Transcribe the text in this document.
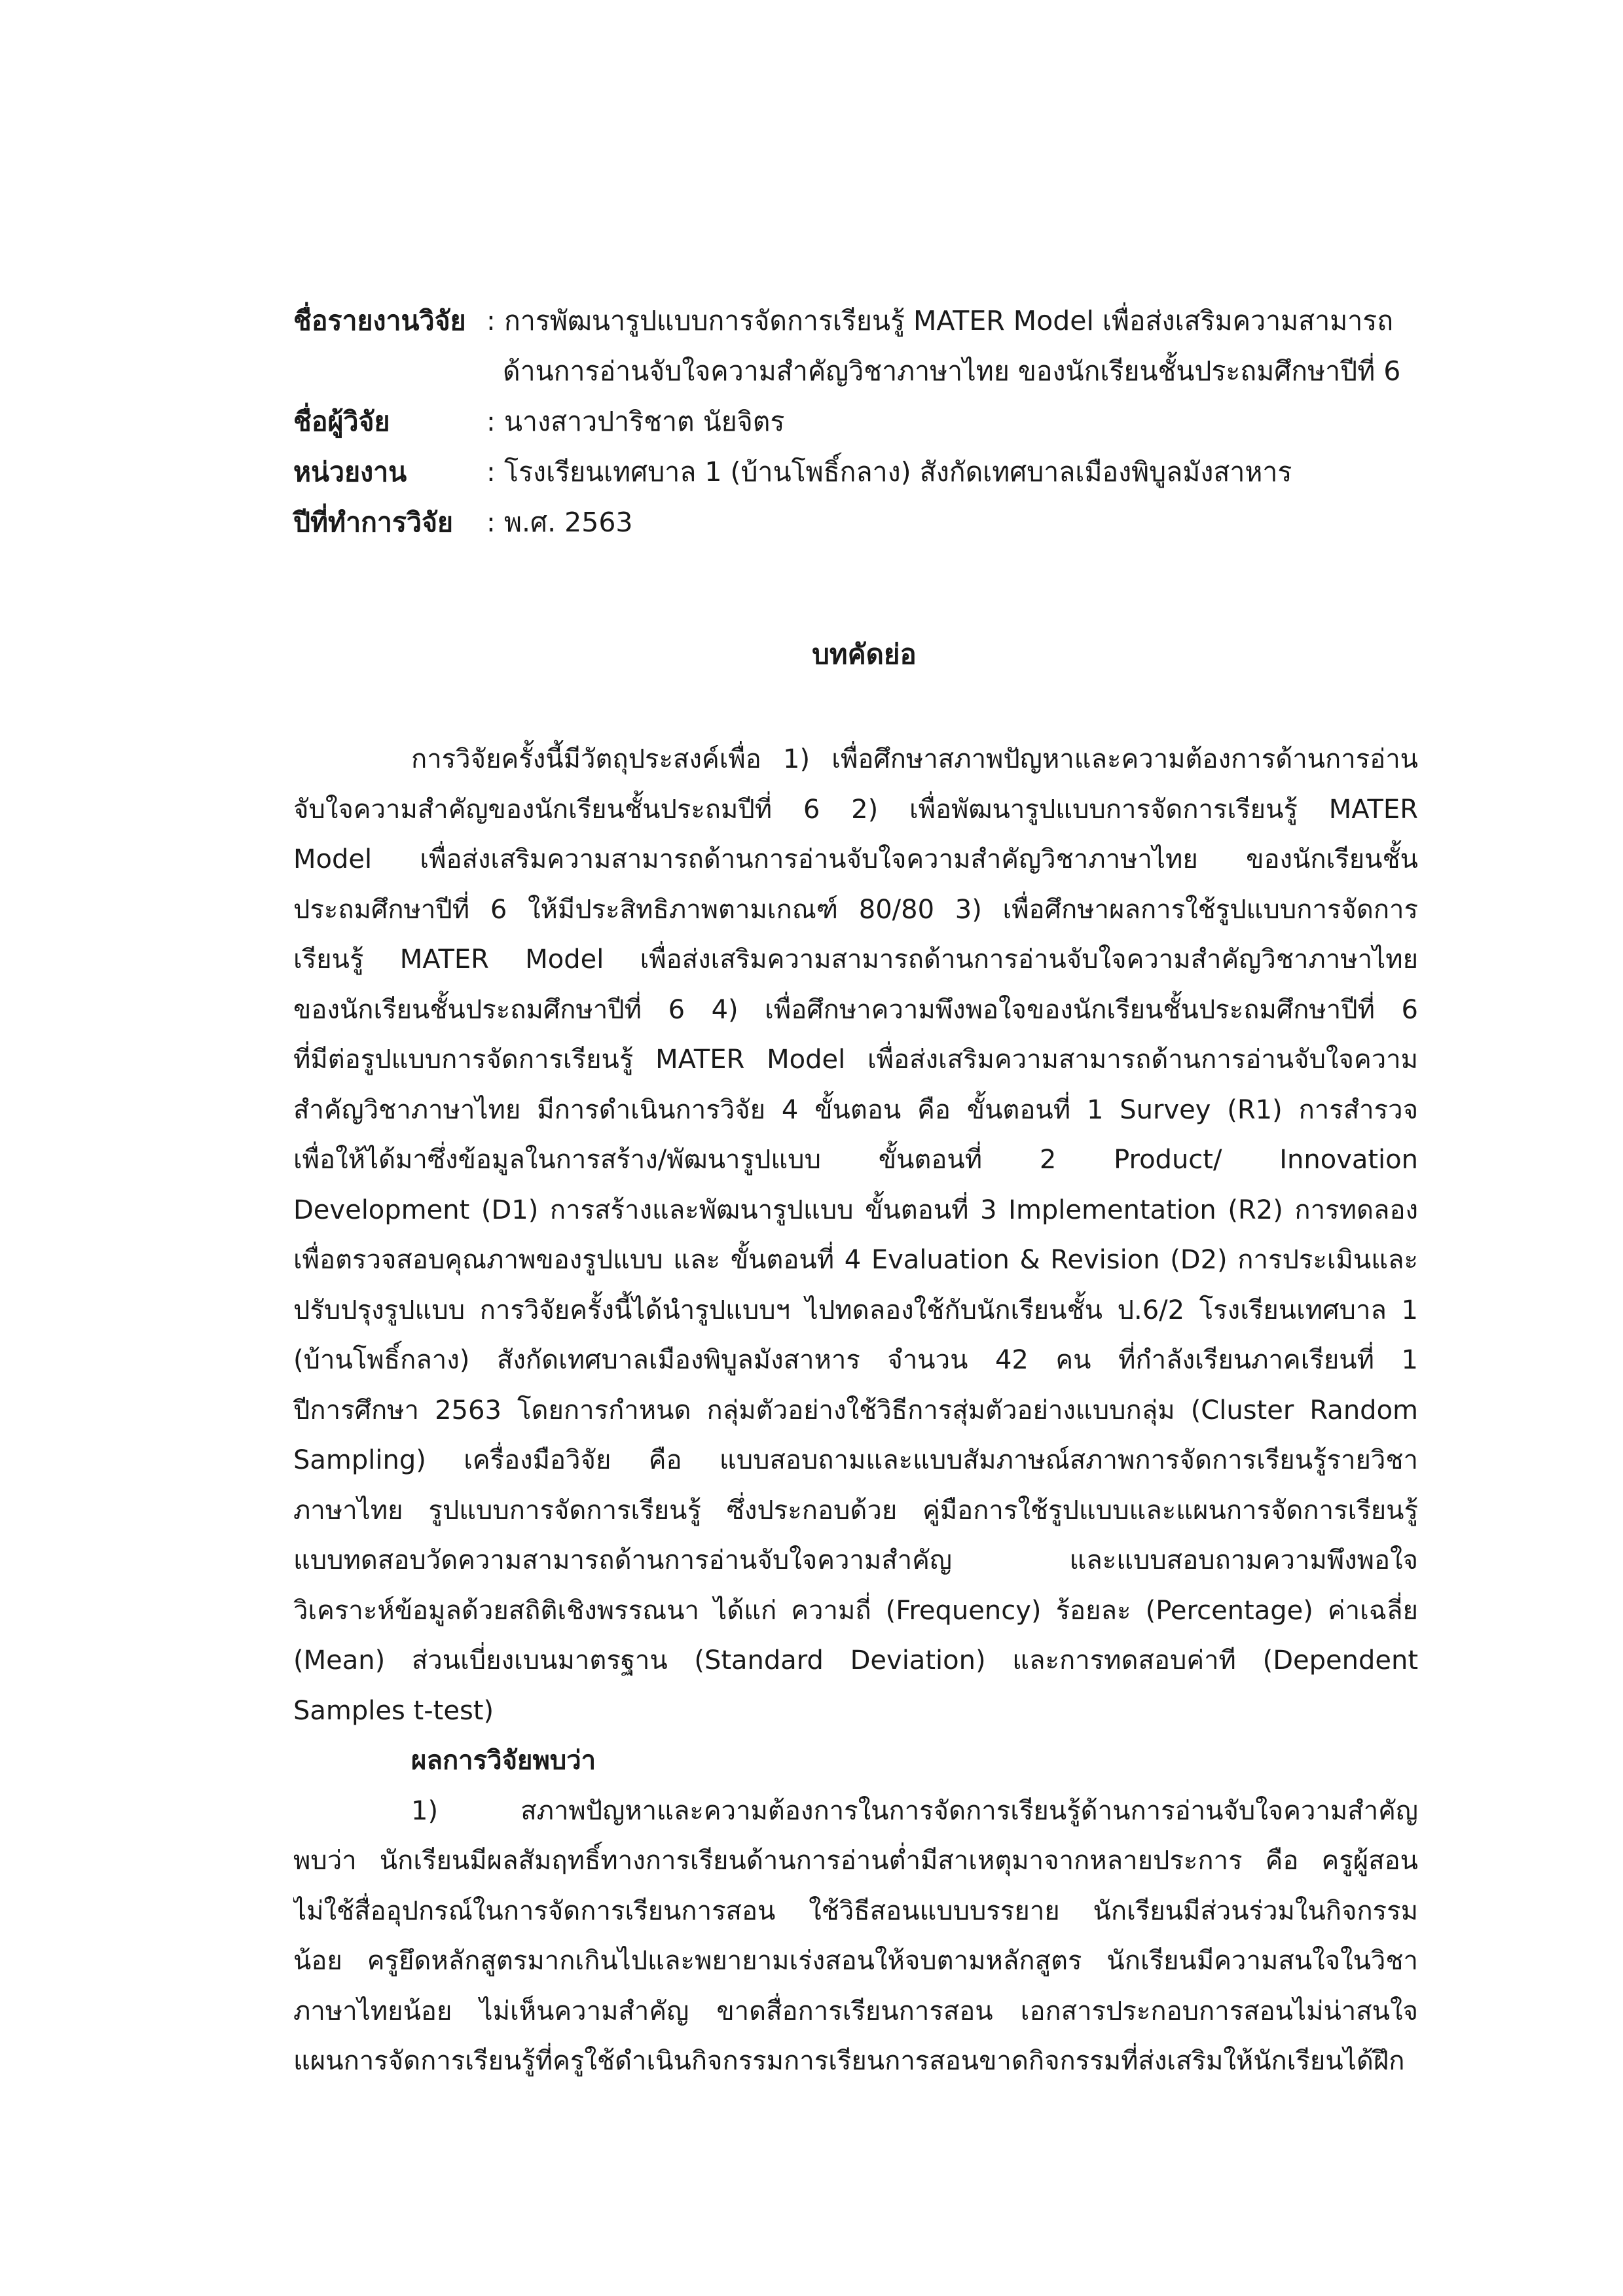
ชื่อรายงานวิจัย : การพัฒนารูปแบบการจัดการเรียนรู้ MATER Model เพื่อส่งเสริมความสามารถ
ด้านการอ่านจับใจความสำคัญวิชาภาษาไทย ของนักเรียนชั้นประถมศึกษาปีที่ 6
ชื่อผู้วิจัย	: นางสาวปาริชาต นัยจิตร
หน่วยงาน	: โรงเรียนเทศบาล 1 (บ้านโพธิ์กลาง) สังกัดเทศบาลเมืองพิบูลมังสาหาร
ปีที่ทำการวิจัย : พ.ศ. 2563
บทคัดย่อ
การวิจัยครั้งนี้มีวัตถุประสงค์เพื่อ 1) เพื่อศึกษาสภาพปัญหาและความต้องการด้านการอ่าน
จับใจความสำคัญของนักเรียนชั้นประถมปีที่ 6 2) เพื่อพัฒนารูปแบบการจัดการเรียนรู้ MATER
Model เพื่อส่งเสริมความสามารถด้านการอ่านจับใจความสำคัญวิชาภาษาไทย ของนักเรียนชั้น
ประถมศึกษาปีที่ 6 ให้มีประสิทธิภาพตามเกณฑ์ 80/80 3) เพื่อศึกษาผลการใช้รูปแบบการจัดการ
เรียนรู้ MATER Model เพื่อส่งเสริมความสามารถด้านการอ่านจับใจความสำคัญวิชาภาษาไทย
ของนักเรียนชั้นประถมศึกษาปีที่ 6 4) เพื่อศึกษาความพึงพอใจของนักเรียนชั้นประถมศึกษาปีที่ 6
ที่มีต่อรูปแบบการจัดการเรียนรู้ MATER Model เพื่อส่งเสริมความสามารถด้านการอ่านจับใจความ
สำคัญวิชาภาษาไทย มีการดำเนินการวิจัย 4 ขั้นตอน คือ ขั้นตอนที่ 1 Survey (R1) การสำรวจ
เพื่อให้ได้มาซึ่งข้อมูลในการสร้าง/พัฒนารูปแบบ ขั้นตอนที่ 2 Product/ Innovation
Development (D1) การสร้างและพัฒนารูปแบบ ขั้นตอนที่ 3 Implementation (R2) การทดลอง
เพื่อตรวจสอบคุณภาพของรูปแบบ และ ขั้นตอนที่ 4 Evaluation & Revision (D2) การประเมินและ
ปรับปรุงรูปแบบ การวิจัยครั้งนี้ได้นำรูปแบบฯ ไปทดลองใช้กับนักเรียนชั้น ป.6/2 โรงเรียนเทศบาล 1
(บ้านโพธิ์กลาง) สังกัดเทศบาลเมืองพิบูลมังสาหาร จำนวน 42 คน ที่กำลังเรียนภาคเรียนที่ 1
ปีการศึกษา 2563 โดยการกำหนด กลุ่มตัวอย่างใช้วิธีการสุ่มตัวอย่างแบบกลุ่ม (Cluster Random
Sampling) เครื่องมือวิจัย คือ แบบสอบถามและแบบสัมภาษณ์สภาพการจัดการเรียนรู้รายวิชา
ภาษาไทย รูปแบบการจัดการเรียนรู้ ซึ่งประกอบด้วย คู่มือการใช้รูปแบบและแผนการจัดการเรียนรู้
แบบทดสอบวัดความสามารถด้านการอ่านจับใจความสำคัญ และแบบสอบถามความพึงพอใจ
วิเคราะห์ข้อมูลด้วยสถิติเชิงพรรณนา ได้แก่ ความถี่ (Frequency) ร้อยละ (Percentage) ค่าเฉลี่ย
(Mean) ส่วนเบี่ยงเบนมาตรฐาน (Standard Deviation) และการทดสอบค่าที (Dependent
Samples t-test)
ผลการวิจัยพบว่า
1) สภาพปัญหาและความต้องการในการจัดการเรียนรู้ด้านการอ่านจับใจความสำคัญ
พบว่า นักเรียนมีผลสัมฤทธิ์ทางการเรียนด้านการอ่านต่ำมีสาเหตุมาจากหลายประการ คือ ครูผู้สอน
ไม่ใช้สื่ออุปกรณ์ในการจัดการเรียนการสอน ใช้วิธีสอนแบบบรรยาย นักเรียนมีส่วนร่วมในกิจกรรม
น้อย ครูยึดหลักสูตรมากเกินไปและพยายามเร่งสอนให้จบตามหลักสูตร นักเรียนมีความสนใจในวิชา
ภาษาไทยน้อย ไม่เห็นความสำคัญ ขาดสื่อการเรียนการสอน เอกสารประกอบการสอนไม่น่าสนใจ
แผนการจัดการเรียนรู้ที่ครูใช้ดำเนินกิจกรรมการเรียนการสอนขาดกิจกรรมที่ส่งเสริมให้นักเรียนได้ฝึก
